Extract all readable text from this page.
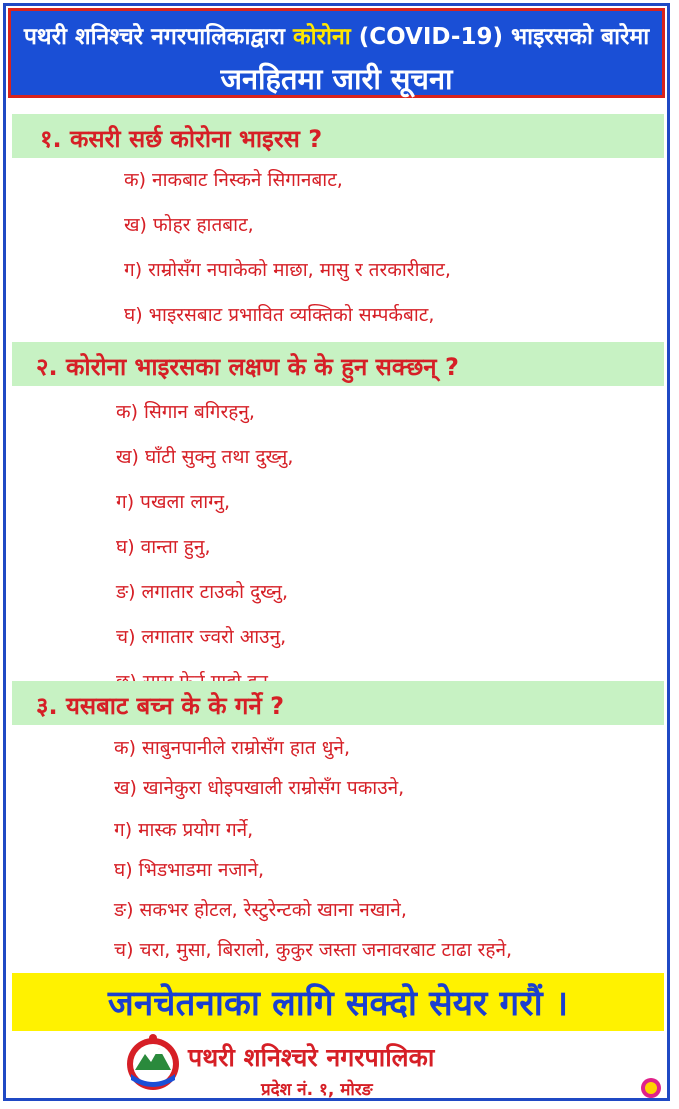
पथरी शनिश्चरे नगरपालिकाद्वारा कोरोना (COVID-19) भाइरसको बारेमा
जनहितमा जारी सूचना
१. कसरी सर्छ कोरोना भाइरस ?
क) नाकबाट निस्कने सिगानबाट,
ख) फोहर हातबाट,
ग) राम्रोसँग नपाकेको माछा, मासु र तरकारीबाट,
घ) भाइरसबाट प्रभावित व्यक्तिको सम्पर्कबाट,
२. कोरोना भाइरसका लक्षण के के हुन सक्छन् ?
क) सिगान बगिरहनु,
ख) घाँटी सुक्नु तथा दुख्नु,
ग) पखला लाग्नु,
घ) वान्ता हुनु,
ङ) लगातार टाउको दुख्नु,
च) लगातार ज्वरो आउनु,
३. यसबाट बच्न के के गर्ने ?
क) साबुनपानीले राम्रोसँग हात धुने,
ख) खानेकुरा धोइपखाली राम्रोसँग पकाउने,
ग) मास्क प्रयोग गर्ने,
घ) भिडभाडमा नजाने,
ङ) सकभर होटल, रेस्टुरेन्टको खाना नखाने,
च) चरा, मुसा, बिरालो, कुकुर जस्ता जनावरबाट टाढा रहने,
जनचेतनाका लागि सक्दो सेयर गरौं ।
पथरी शनिश्चरे नगरपालिका
प्रदेश नं. १, मोरङ
